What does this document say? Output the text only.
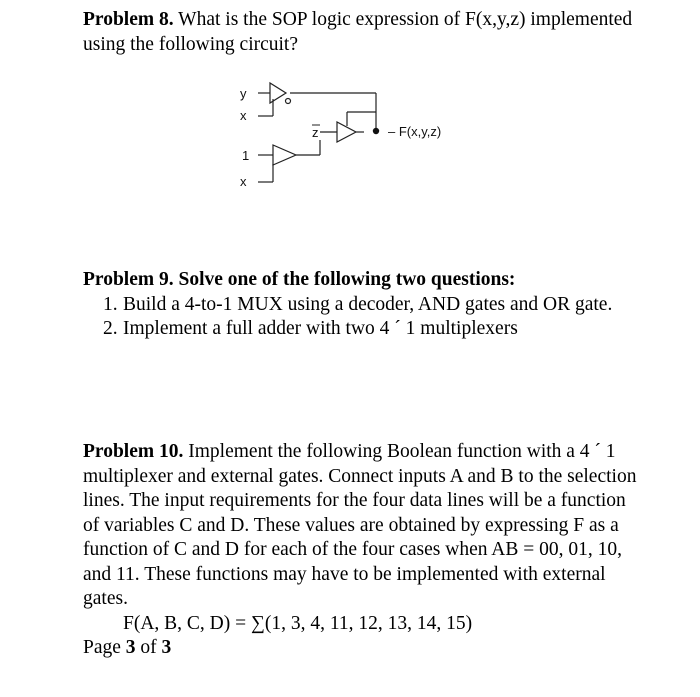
Problem 8. What is the SOP logic expression of F(x,y,z) implemented using the following circuit?
y
x
z
1
x
– F(x,y,z)
Problem 9. Solve one of the following two questions:
1. Build a 4-to-1 MUX using a decoder, AND gates and OR gate.
2. Implement a full adder with two 4 ´ 1 multiplexers
Problem 10. Implement the following Boolean function with a 4 ´ 1 multiplexer and external gates. Connect inputs A and B to the selection lines. The input requirements for the four data lines will be a function of variables C and D. These values are obtained by expressing F as a function of C and D for each of the four cases when AB = 00, 01, 10, and 11. These functions may have to be implemented with external gates.
F(A, B, C, D) = ∑(1, 3, 4, 11, 12, 13, 14, 15)
Page 3 of 3
